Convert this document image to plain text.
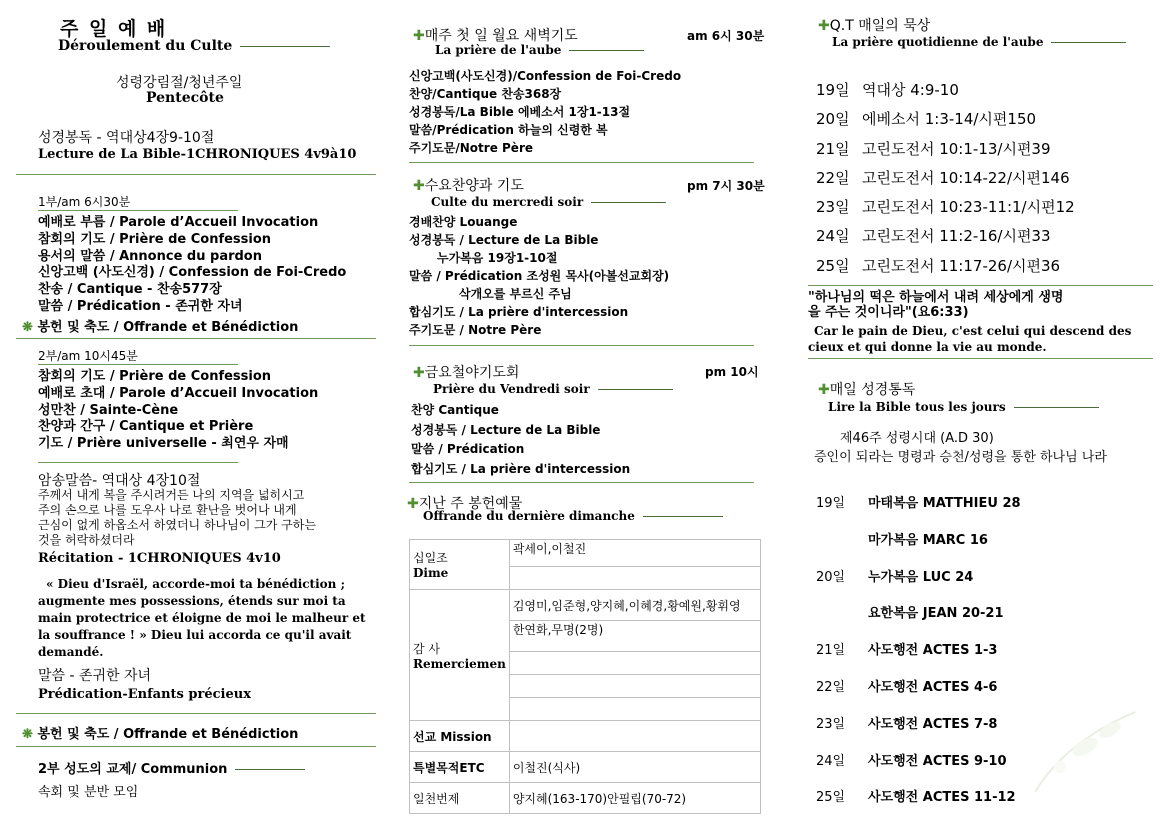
주 일 예 배
Déroulement du Culte
성령강림절/청년주일
Pentecôte
성경봉독 - 역대상4장9-10절
Lecture de La Bible-1CHRONIQUES 4v9à10
1부/am 6시30분
예배로 부름 / Parole d’Accueil Invocation
참회의 기도 / Prière de Confession
용서의 말씀 / Annonce du pardon
신앙고백 (사도신경) / Confession de Foi-Credo
찬송 / Cantique - 찬송577장
말씀 / Prédication - 존귀한 자녀
❋ 봉헌 및 축도 / Offrande et Bénédiction
2부/am 10시45분
참회의 기도 / Prière de Confession
예배로 초대 / Parole d’Accueil Invocation
성만찬 / Sainte-Cène
찬양과 간구 / Cantique et Prière
기도 / Prière universelle - 최연우 자매
암송말씀- 역대상 4장10절
주께서 내게 복을 주시려거든 나의 지역을 넓히시고
주의 손으로 나를 도우사 나로 환난을 벗어나 내게
근심이 없게 하옵소서 하였더니 하나님이 그가 구하는
것을 허락하셨더라
Récitation - 1CHRONIQUES 4v10
« Dieu d'Israël, accorde-moi ta bénédiction ;
augmente mes possessions, étends sur moi ta
main protectrice et éloigne de moi le malheur et
la souffrance ! » Dieu lui accorda ce qu'il avait
demandé.
말씀 - 존귀한 자녀
Prédication-Enfants précieux
❋ 봉헌 및 축도 / Offrande et Bénédiction
2부 성도의 교제/ Communion
속회 및 분반 모임
✚매주 첫 일 월요 새벽기도	am 6시 30분
La prière de l'aube
신앙고백(사도신경)/Confession de Foi-Credo
찬양/Cantique 찬송368장
성경봉독/La Bible 에베소서 1장1-13절
말씀/Prédication 하늘의 신령한 복
주기도문/Notre Père
✚수요찬양과 기도	pm 7시 30분
Culte du mercredi soir
경배찬양 Louange
성경봉독 / Lecture de La Bible
누가복음 19장1-10절
말씀 / Prédication 조성원 목사(아볼선교회장)
삭개오를 부르신 주님
합심기도 / La prière d'intercession
주기도문 / Notre Père
✚금요철야기도회	pm 10시
Prière du Vendredi soir
찬양 Cantique
성경봉독 / Lecture de La Bible
말씀 / Prédication
합심기도 / La prière d'intercession
✚지난 주 봉헌예물
Offrande du dernière dimanche
십일조
Dime	곽세이,이철진

감 사
Remerciemen	김영미,임준형,양지혜,이혜경,황예원,황휘영
	한연화,무명(2명)

선교 Mission	
특별목적ETC	이철진(식사)
일천번제	양지혜(163-170)안필립(70-72)
✚Q.T 매일의 묵상
La prière quotidienne de l'aube
19일 역대상 4:9-10
20일 에베소서 1:3-14/시편150
21일 고린도전서 10:1-13/시편39
22일 고린도전서 10:14-22/시편146
23일 고린도전서 10:23-11:1/시편12
24일 고린도전서 11:2-16/시편33
25일 고린도전서 11:17-26/시편36
"하나님의 떡은 하늘에서 내려 세상에게 생명
을 주는 것이니라"(요6:33)
Car le pain de Dieu, c'est celui qui descend des
cieux et qui donne la vie au monde.
✚매일 성경통독
Lire la Bible tous les jours
제46주 성령시대 (A.D 30)
증인이 되라는 명령과 승천/성령을 통한 하나님 나라
19일 마태복음 MATTHIEU 28
마가복음 MARC 16
20일 누가복음 LUC 24
요한복음 JEAN 20-21
21일 사도행전 ACTES 1-3
22일 사도행전 ACTES 4-6
23일 사도행전 ACTES 7-8
24일 사도행전 ACTES 9-10
25일 사도행전 ACTES 11-12
